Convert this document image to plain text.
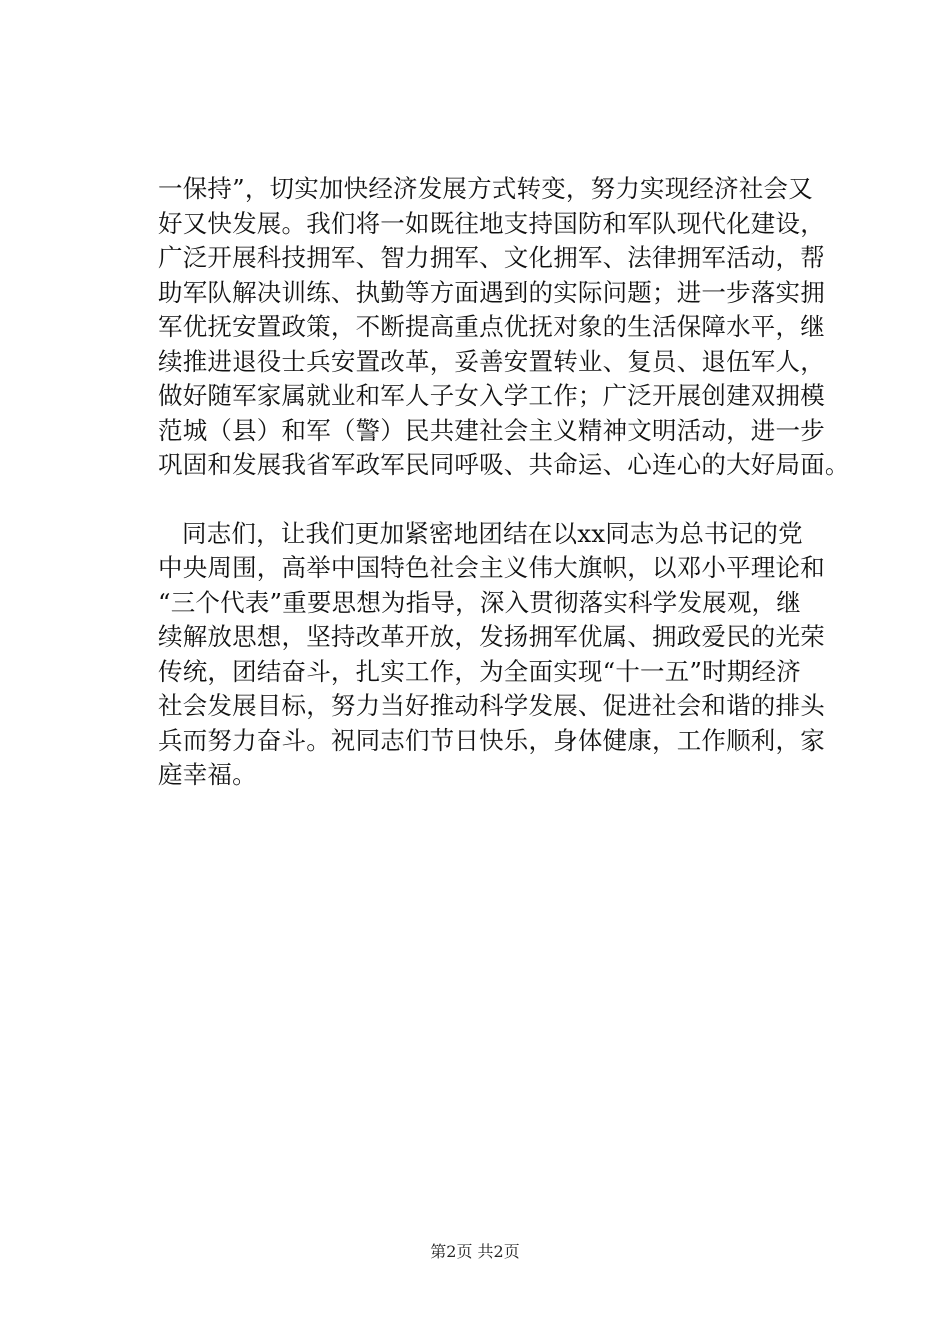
一保持”，切实加快经济发展方式转变，努力实现经济社会又
好又快发展。我们将一如既往地支持国防和军队现代化建设，
广泛开展科技拥军、智力拥军、文化拥军、法律拥军活动，帮
助军队解决训练、执勤等方面遇到的实际问题；进一步落实拥
军优抚安置政策，不断提高重点优抚对象的生活保障水平，继
续推进退役士兵安置改革，妥善安置转业、复员、退伍军人，
做好随军家属就业和军人子女入学工作；广泛开展创建双拥模
范城（县）和军（警）民共建社会主义精神文明活动，进一步
巩固和发展我省军政军民同呼吸、共命运、心连心的大好局面。
同志们，让我们更加紧密地团结在以xx同志为总书记的党
中央周围，高举中国特色社会主义伟大旗帜，以邓小平理论和
“三个代表”重要思想为指导，深入贯彻落实科学发展观，继
续解放思想，坚持改革开放，发扬拥军优属、拥政爱民的光荣
传统，团结奋斗，扎实工作，为全面实现“十一五”时期经济
社会发展目标，努力当好推动科学发展、促进社会和谐的排头
兵而努力奋斗。祝同志们节日快乐，身体健康，工作顺利，家
庭幸福。
第2页 共2页
